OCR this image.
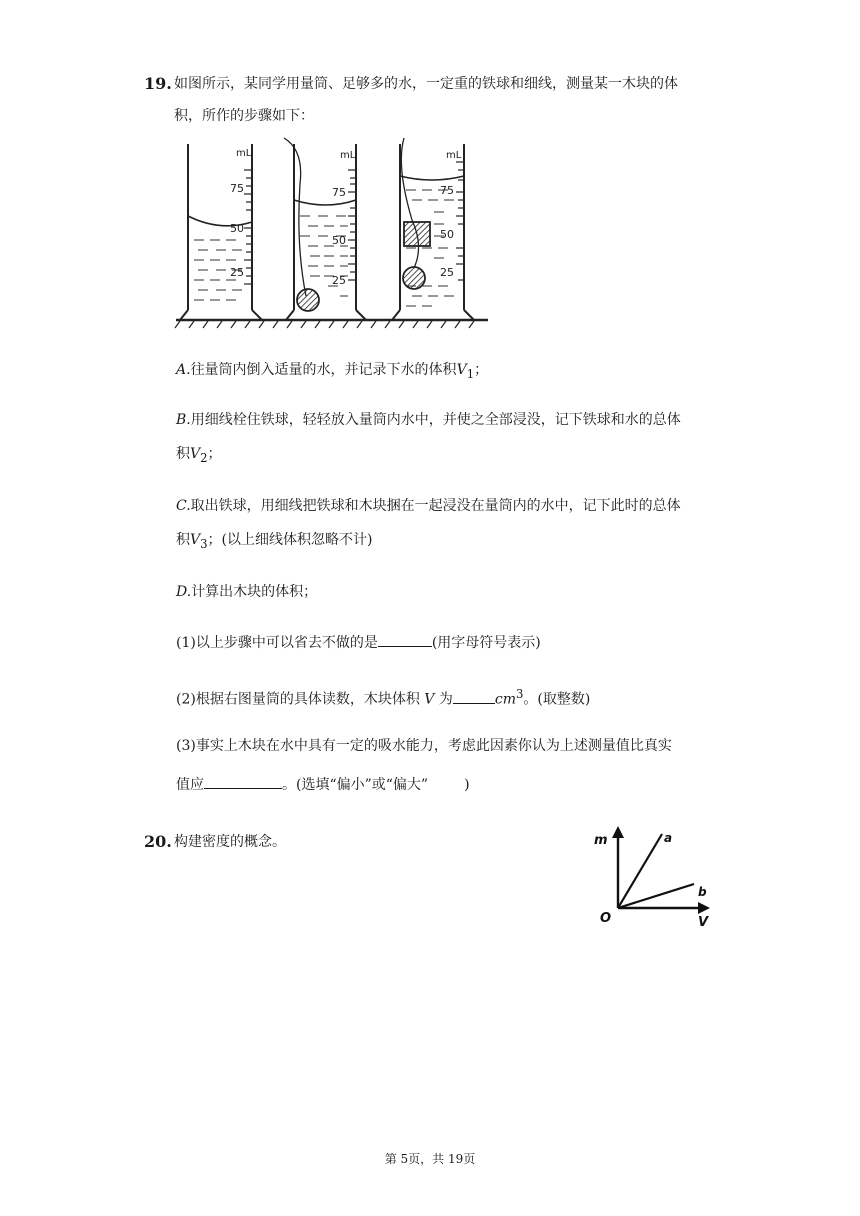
19. 如图所示，某同学用量筒、足够多的水，一定重的铁球和细线，测量某一木块的体
积，所作的步骤如下：
mL
75
50
25
mL
75
50
25
mL
75
50
25
A.往量筒内倒入适量的水，并记录下水的体积$V_1$；
B.用细线栓住铁球，轻轻放入量筒内水中，并使之全部浸没，记下铁球和水的总体
积$V_2$；
C.取出铁球，用细线把铁球和木块捆在一起浸没在量筒内的水中，记下此时的总体
积$V_3$；(以上细线体积忽略不计)
D.计算出木块的体积；
(1)以上步骤中可以省去不做的是	(用字母符号表示)
(2)根据右图量筒的具体读数，木块体积 V 为	$cm^3$。(取整数)
(3)事实上木块在水中具有一定的吸水能力，考虑此因素你认为上述测量值比真实
值应	。(选填“偏小”或“偏大”	)
20. 构建密度的概念。	m
V
O
a
b
第 5页，共 19页
